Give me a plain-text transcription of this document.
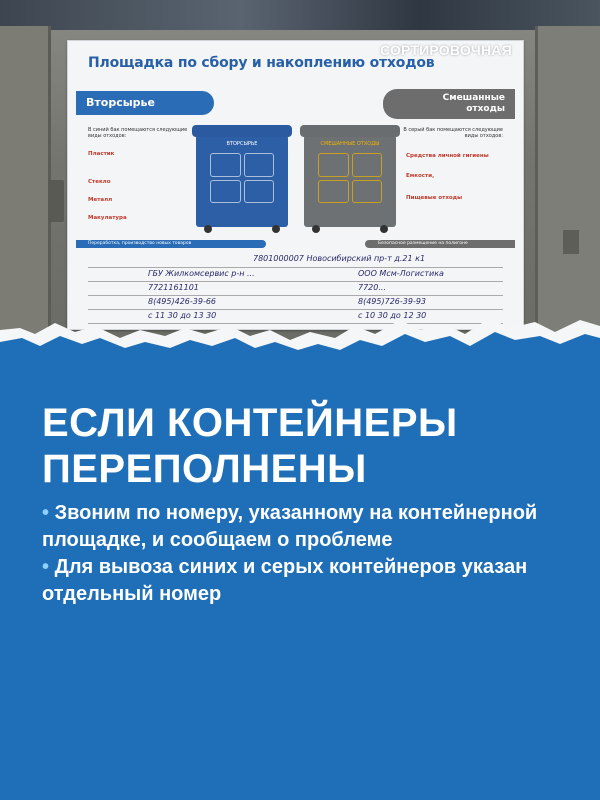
Площадка по сбору и накоплению отходов
Вторсырье	Смешанные
отходы
В синий бак помещаются следующие виды отходов:
В серый бак помещаются следующие виды отходов:
Пластик
Стекло
Металл
Макулатура
Средства личной гигиены
Емкости,
Пищевые отходы
ВТОРСЫРЬЕ	СМЕШАННЫЕ ОТХОДЫ
Переработка, производство новых товаров	Безопасное размещение на полигоне
7801000007 Новосибирский пр-т д.21 к1
ГБУ Жилкомсервис р-н ...	ООО Мсм-Логистика
7721161101	7720...
8(495)426-39-66	8(495)726-39-93
с 11 30 до 13 30	с 10 30 до 12 30
СОРТИРОВОЧНАЯ
ЕСЛИ КОНТЕЙНЕРЫ
ПЕРЕПОЛНЕНЫ
• Звоним по номеру, указанному на контейнерной площадке, и сообщаем о проблеме
• Для вывоза синих и серых контейнеров указан отдельный номер
